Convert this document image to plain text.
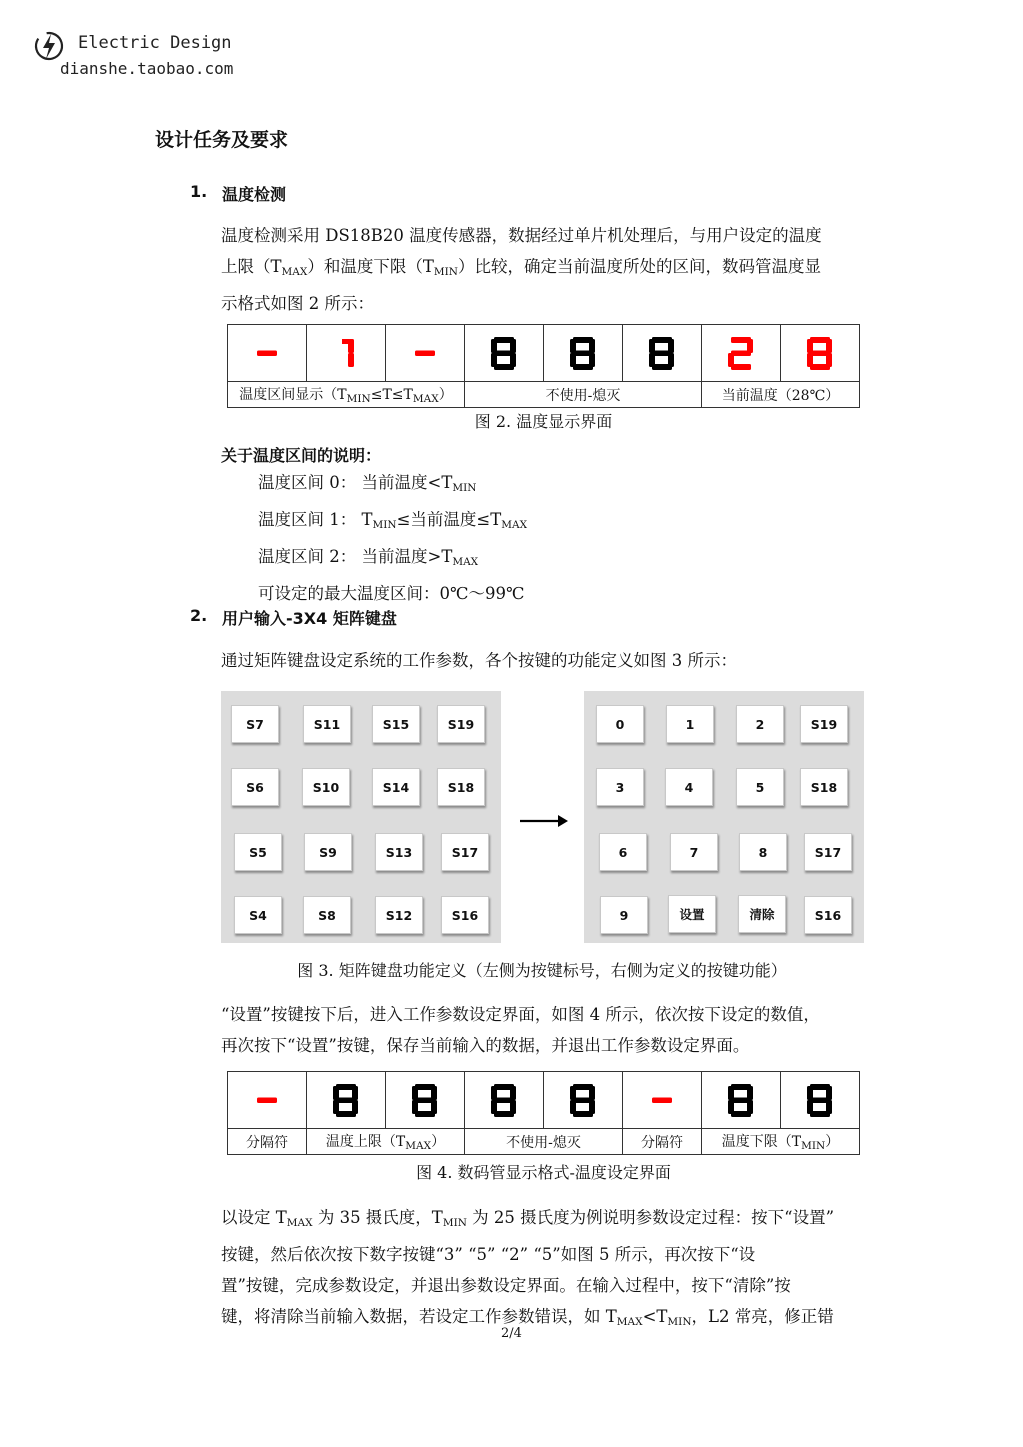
Electric Design
dianshe.taobao.com
设计任务及要求
1. 温度检测
温度检测采用 DS18B20 温度传感器，数据经过单片机处理后，与用户设定的温度
上限$(T_{MAX})$和温度下限$(T_{MIN})$比较，确定当前温度所处的区间，数码管温度显
示格式如图 2 所示：

温度区间显示$(T_{MIN}\le T\le T_{MAX})$			不使用-熄灭			当前温度（28℃）	
图 2. 温度显示界面
关于温度区间的说明：
温度区间 0： 当前温度$<T_{MIN}$
温度区间 1： $T_{MIN}\le$当前温度$\le T_{MAX}$
温度区间 2： 当前温度$>T_{MAX}$
可设定的最大温度区间：0℃～99℃
2. 用户输入-3X4 矩阵键盘
通过矩阵键盘设定系统的工作参数，各个按键的功能定义如图 3 所示：
S7	S11	S15	S19
S6	S10	S14	S18
S5	S9	S13	S17
S4	S8	S12	S16
0	1	2	S19
3	4	5	S18
6	7	8	S17
9	设置	清除	S16
图 3. 矩阵键盘功能定义（左侧为按键标号，右侧为定义的按键功能）
“设置”按键按下后，进入工作参数设定界面，如图 4 所示，依次按下设定的数值，
再次按下“设置”按键，保存当前输入的数据，并退出工作参数设定界面。

分隔符	温度上限$(T_{MAX})$		不使用-熄灭		分隔符	温度下限$(T_{MIN})$	
图 4. 数码管显示格式-温度设定界面
以设定 $T_{MAX}$ 为 35 摄氏度，$T_{MIN}$ 为 25 摄氏度为例说明参数设定过程：按下“设置”
按键，然后依次按下数字按键“3” “5” “2” “5”如图 5 所示，再次按下“设
置”按键，完成参数设定，并退出参数设定界面。在输入过程中，按下“清除”按
键，将清除当前输入数据，若设定工作参数错误，如 $T_{MAX}<T_{MIN}$，L2 常亮，修正错
2/4
